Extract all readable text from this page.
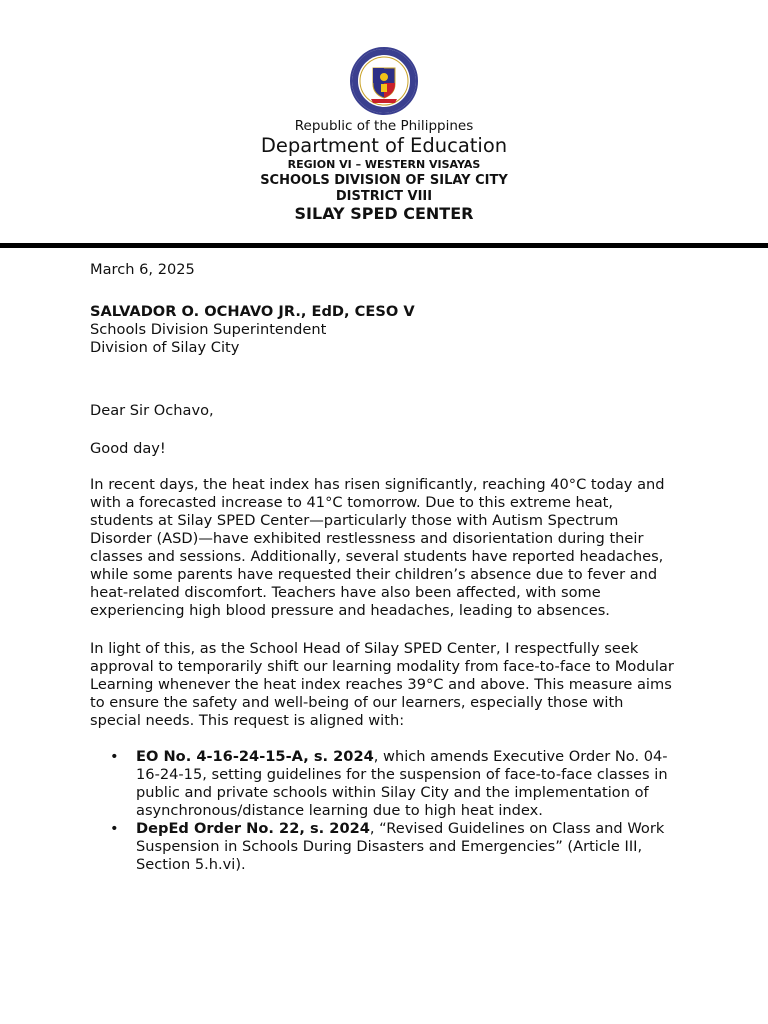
Republic of the Philippines
Department of Education
REGION VI – WESTERN VISAYAS
SCHOOLS DIVISION OF SILAY CITY
DISTRICT VIII
SILAY SPED CENTER

March 6, 2025

SALVADOR O. OCHAVO JR., EdD, CESO V

Schools Division Superintendent

Division of Silay City

Dear Sir Ochavo,

Good day!

In recent days, the heat index has risen significantly, reaching 40°C today and with a forecasted increase to 41°C tomorrow. Due to this extreme heat, students at Silay SPED Center—particularly those with Autism Spectrum Disorder (ASD)—have exhibited restlessness and disorientation during their classes and sessions. Additionally, several students have reported headaches, while some parents have requested their children’s absence due to fever and heat-related discomfort. Teachers have also been affected, with some experiencing high blood pressure and headaches, leading to absences.

In light of this, as the School Head of Silay SPED Center, I respectfully seek approval to temporarily shift our learning modality from face-to-face to Modular Learning whenever the heat index reaches 39°C and above. This measure aims to ensure the safety and well-being of our learners, especially those with special needs. This request is aligned with:

• EO No. 4-16-24-15-A, s. 2024, which amends Executive Order No. 04-16-24-15, setting guidelines for the suspension of face-to-face classes in public and private schools within Silay City and the implementation of asynchronous/distance learning due to high heat index.
• DepEd Order No. 22, s. 2024, “Revised Guidelines on Class and Work Suspension in Schools During Disasters and Emergencies” (Article III, Section 5.h.vi).
